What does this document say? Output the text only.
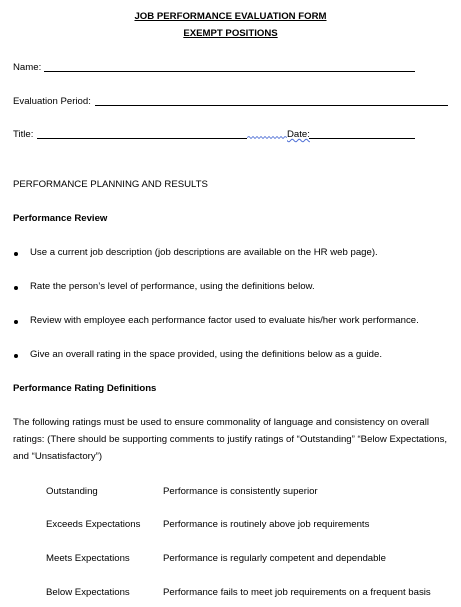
JOB PERFORMANCE EVALUATION FORM
EXEMPT POSITIONS
Name:
Evaluation Period:
Title:	Date:
PERFORMANCE PLANNING AND RESULTS
Performance Review
Use a current job description (job descriptions are available on the HR web page).
Rate the person’s level of performance, using the definitions below.
Review with employee each performance factor used to evaluate his/her work performance.
Give an overall rating in the space provided, using the definitions below as a guide.
Performance Rating Definitions
The following ratings must be used to ensure commonality of language and consistency on overall ratings: (There should be supporting comments to justify ratings of “Outstanding” “Below Expectations, and “Unsatisfactory”)
Outstanding	Performance is consistently superior
Exceeds Expectations Performance is routinely above job requirements
Meets Expectations	Performance is regularly competent and dependable
Below Expectations	Performance fails to meet job requirements on a frequent basis
